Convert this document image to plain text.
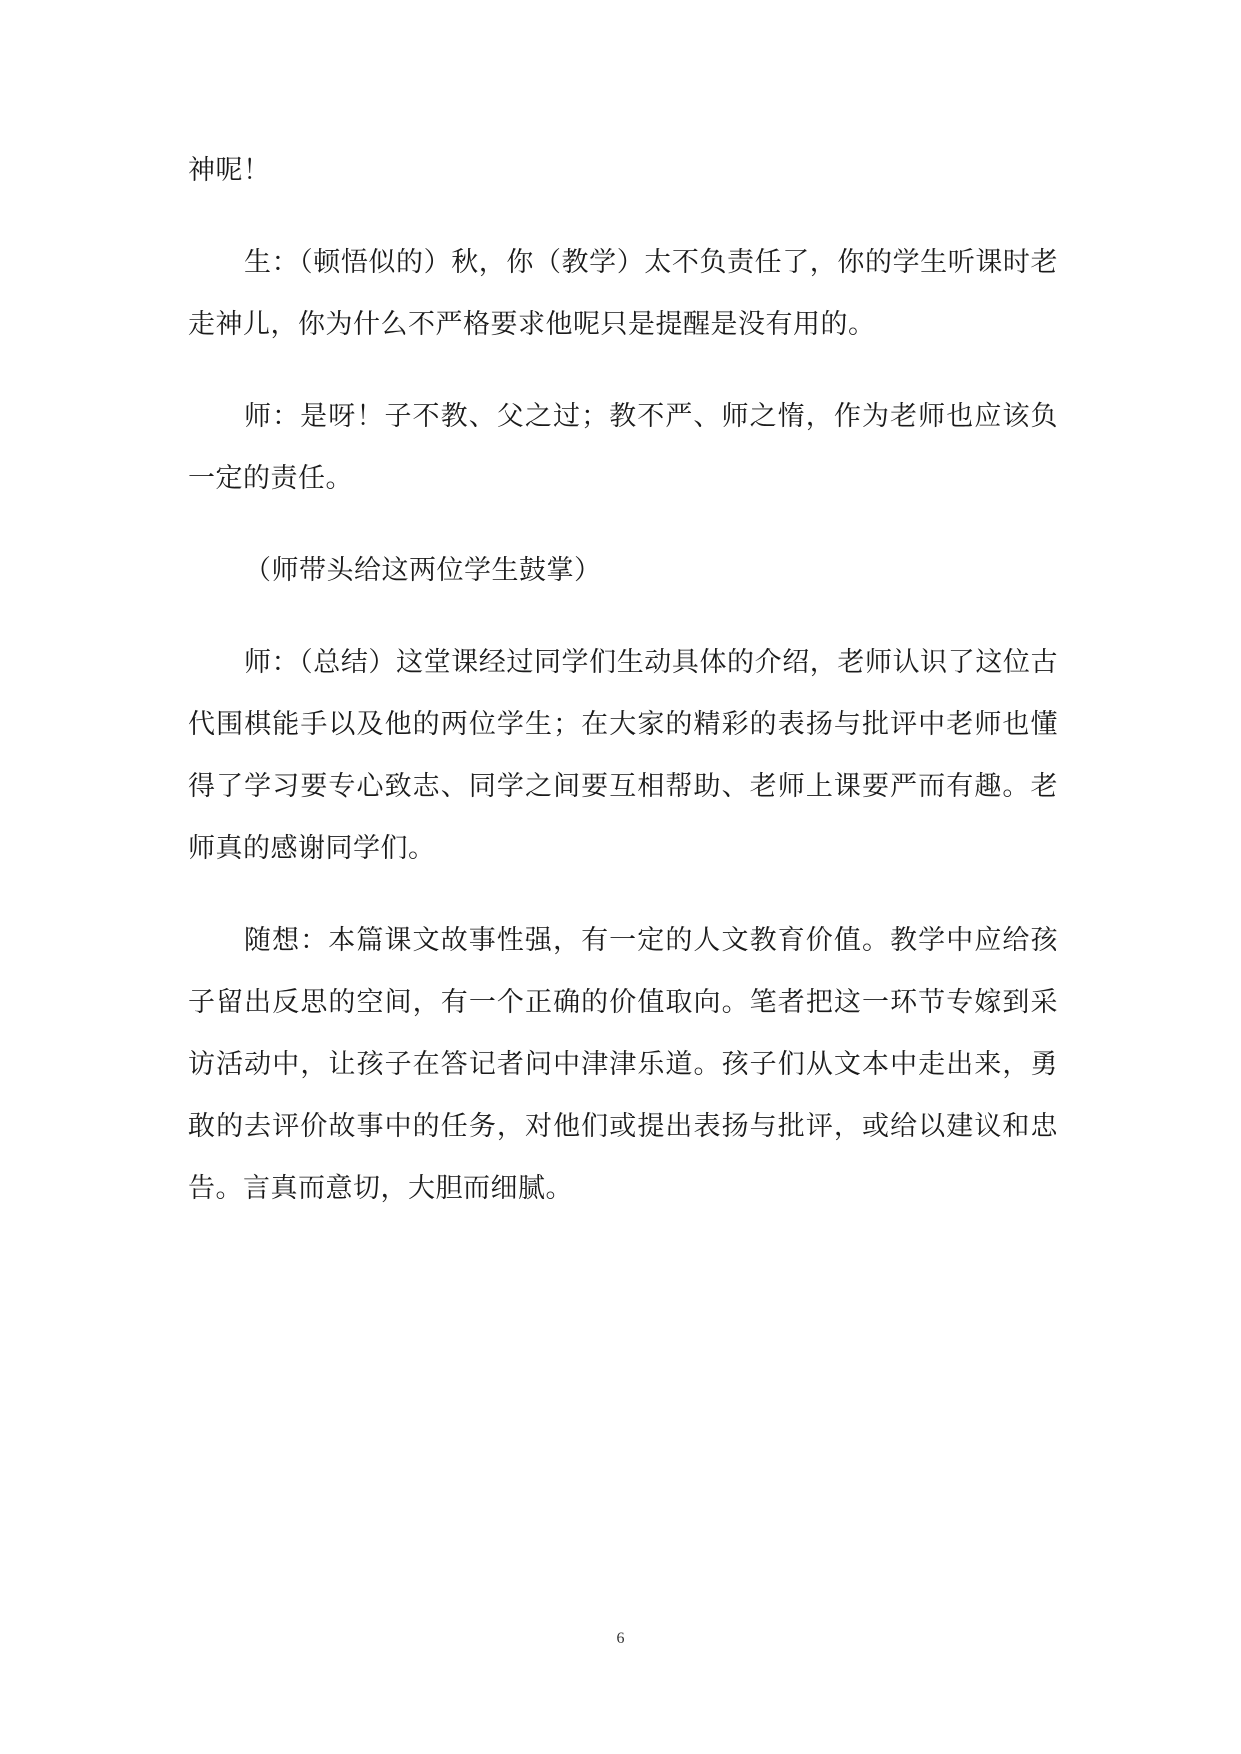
神呢！

生：（顿悟似的）秋，你（教学）太不负责任了，你的学生听课时老走神儿，你为什么不严格要求他呢只是提醒是没有用的。

师：是呀！子不教、父之过；教不严、师之惰，作为老师也应该负一定的责任。

（师带头给这两位学生鼓掌）

师：（总结）这堂课经过同学们生动具体的介绍，老师认识了这位古代围棋能手以及他的两位学生；在大家的精彩的表扬与批评中老师也懂得了学习要专心致志、同学之间要互相帮助、老师上课要严而有趣。老师真的感谢同学们。

随想：本篇课文故事性强，有一定的人文教育价值。教学中应给孩子留出反思的空间，有一个正确的价值取向。笔者把这一环节专嫁到采访活动中，让孩子在答记者问中津津乐道。孩子们从文本中走出来，勇敢的去评价故事中的任务，对他们或提出表扬与批评，或给以建议和忠告。言真而意切，大胆而细腻。

6
